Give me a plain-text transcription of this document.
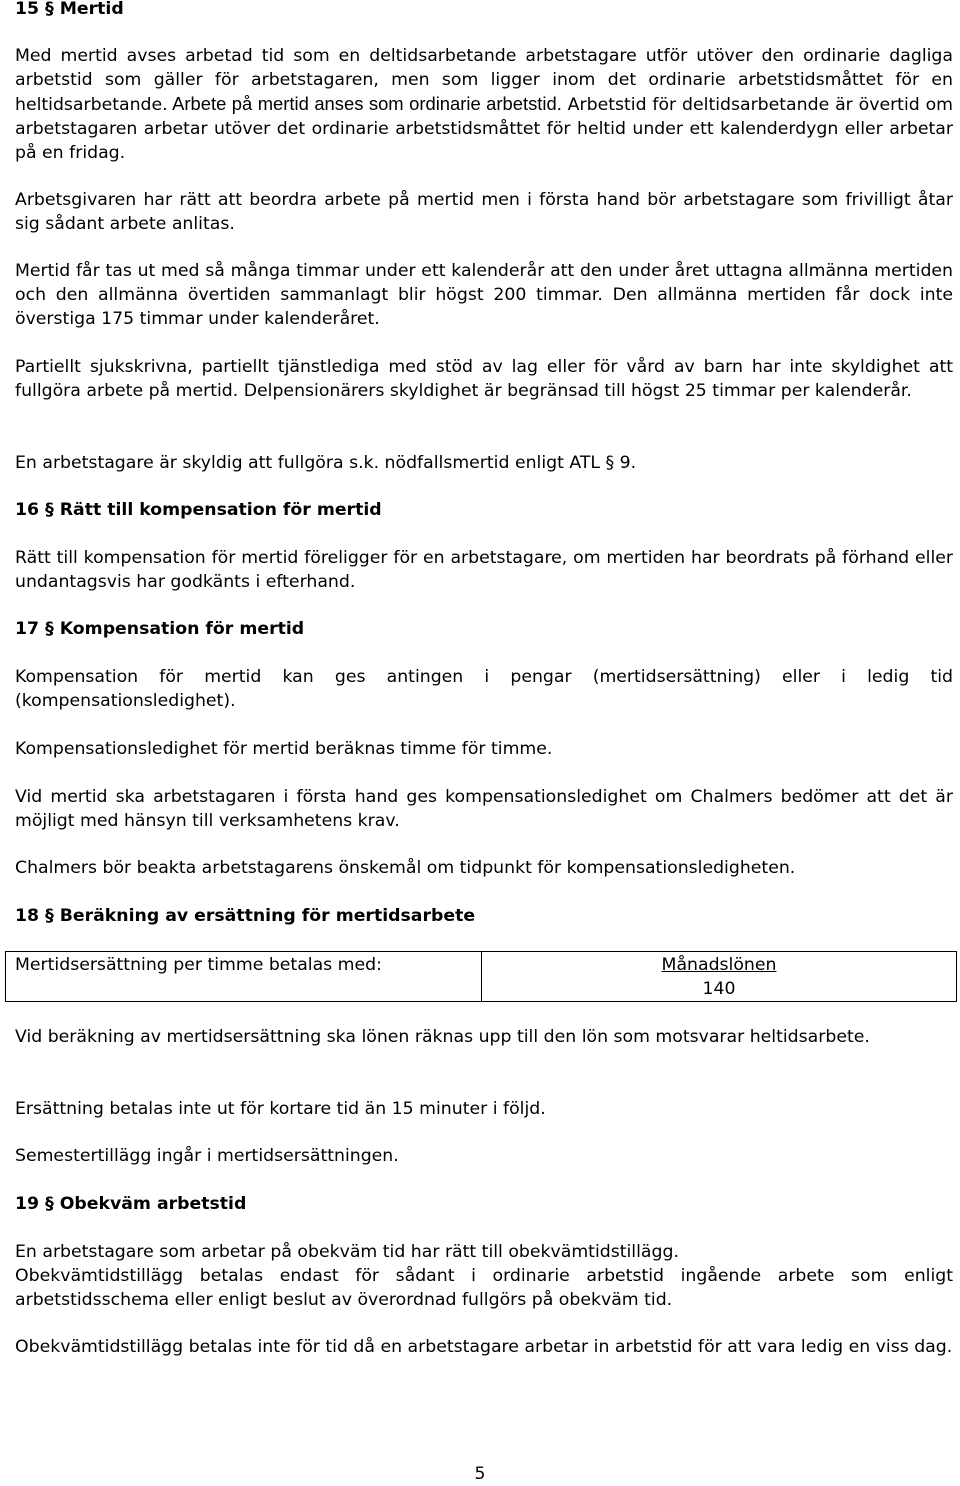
15 § Mertid

Med mertid avses arbetad tid som en deltidsarbetande arbetstagare utför utöver den ordinarie dagliga arbetstid som gäller för arbetstagaren, men som ligger inom det ordinarie arbetstidsmåttet för en heltidsarbetande. Arbete på mertid anses som ordinarie arbetstid. Arbetstid för deltidsarbetande är övertid om arbetstagaren arbetar utöver det ordinarie arbetstidsmåttet för heltid under ett kalenderdygn eller arbetar på en fridag.

Arbetsgivaren har rätt att beordra arbete på mertid men i första hand bör arbetstagare som frivilligt åtar sig sådant arbete anlitas.

Mertid får tas ut med så många timmar under ett kalenderår att den under året uttagna allmänna mertiden och den allmänna övertiden sammanlagt blir högst 200 timmar. Den allmänna mertiden får dock inte överstiga 175 timmar under kalenderåret.

Partiellt sjukskrivna, partiellt tjänstlediga med stöd av lag eller för vård av barn har inte skyldighet att fullgöra arbete på mertid. Delpensionärers skyldighet är begränsad till högst 25 timmar per kalenderår.

En arbetstagare är skyldig att fullgöra s.k. nödfallsmertid enligt ATL § 9.

16 § Rätt till kompensation för mertid

Rätt till kompensation för mertid föreligger för en arbetstagare, om mertiden har beordrats på förhand eller undantagsvis har godkänts i efterhand.

17 § Kompensation för mertid

Kompensation för mertid kan ges antingen i pengar (mertidsersättning) eller i ledig tid (kompensationsledighet).

Kompensationsledighet för mertid beräknas timme för timme.

Vid mertid ska arbetstagaren i första hand ges kompensationsledighet om Chalmers bedömer att det är möjligt med hänsyn till verksamhetens krav.

Chalmers bör beakta arbetstagarens önskemål om tidpunkt för kompensationsledigheten.

18 § Beräkning av ersättning för mertidsarbete
Mertidsersättning per timme betalas med:	Månadslönen
140

Vid beräkning av mertidsersättning ska lönen räknas upp till den lön som motsvarar heltidsarbete.

Ersättning betalas inte ut för kortare tid än 15 minuter i följd.

Semestertillägg ingår i mertidsersättningen.

19 § Obekväm arbetstid

En arbetstagare som arbetar på obekväm tid har rätt till obekvämtidstillägg.

Obekvämtidstillägg betalas endast för sådant i ordinarie arbetstid ingående arbete som enligt arbetstidsschema eller enligt beslut av överordnad fullgörs på obekväm tid.

Obekvämtidstillägg betalas inte för tid då en arbetstagare arbetar in arbetstid för att vara ledig en viss dag.

5
